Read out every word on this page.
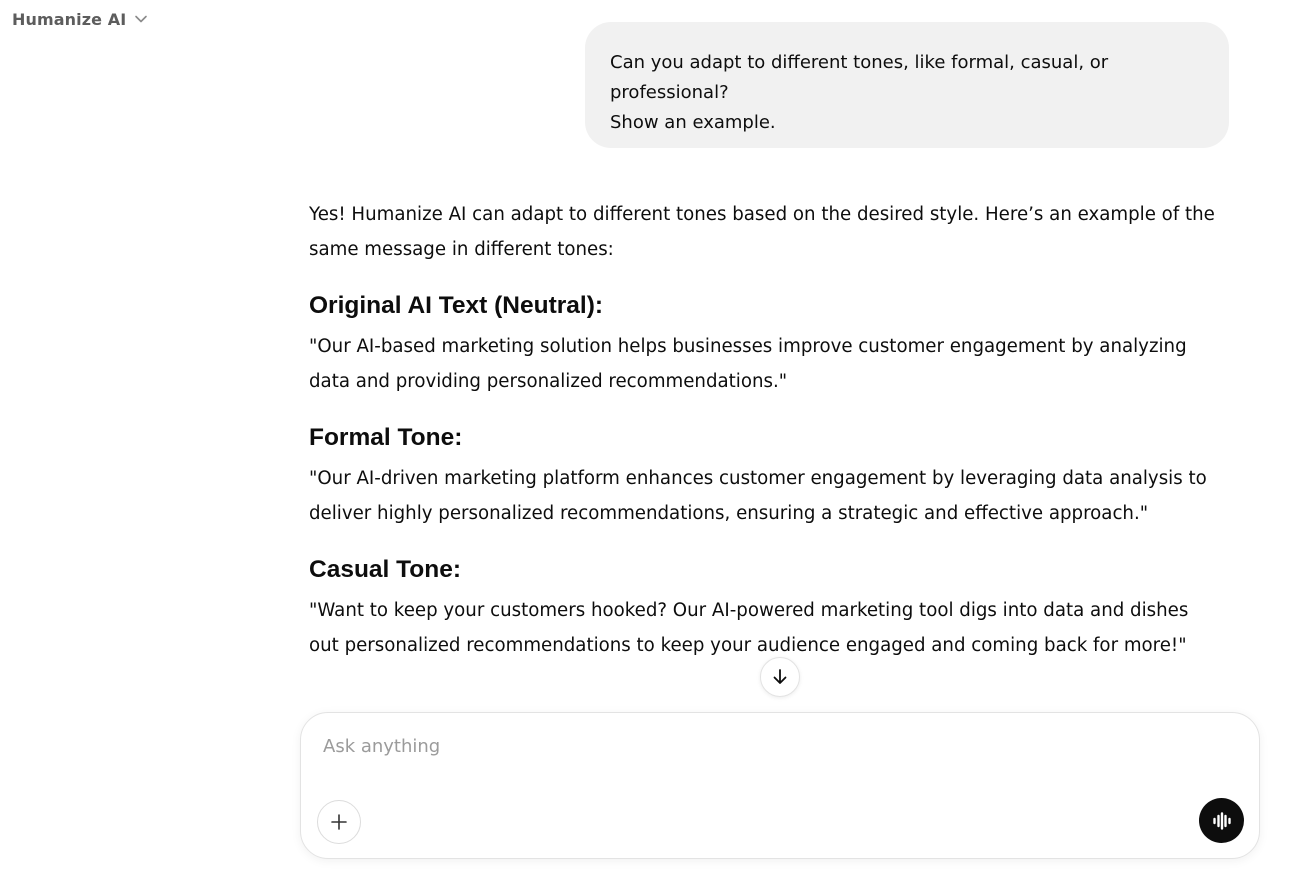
Humanize AI
Can you adapt to different tones, like formal, casual, or
professional?
Show an example.

Yes! Humanize AI can adapt to different tones based on the desired style. Here’s an example of the same message in different tones:

Original AI Text (Neutral):

"Our AI-based marketing solution helps businesses improve customer engagement by analyzing data and providing personalized recommendations."

Formal Tone:

"Our AI-driven marketing platform enhances customer engagement by leveraging data analysis to deliver highly personalized recommendations, ensuring a strategic and effective approach."

Casual Tone:

"Want to keep your customers hooked? Our AI-powered marketing tool digs into data and dishes out personalized recommendations to keep your audience engaged and coming back for more!"

Ask anything
